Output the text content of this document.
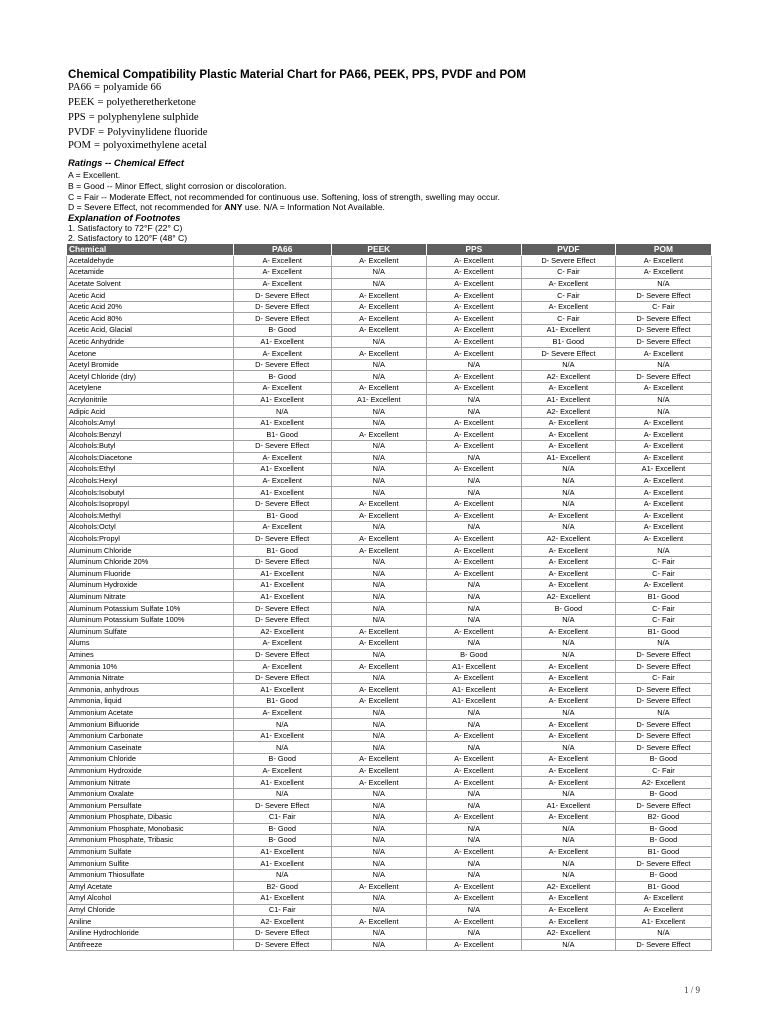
Chemical Compatibility Plastic Material Chart for PA66, PEEK, PPS, PVDF and POM
PA66 = polyamide 66
PEEK = polyetheretherketone
PPS = polyphenylene sulphide
PVDF = Polyvinylidene fluoride
POM = polyoximethylene acetal
Ratings -- Chemical Effect
A = Excellent.
B = Good -- Minor Effect, slight corrosion or discoloration.
C = Fair -- Moderate Effect, not recommended for continuous use. Softening, loss of strength, swelling may occur.
D = Severe Effect, not recommended for ANY use. N/A = Information Not Available.
Explanation of Footnotes
1. Satisfactory to 72°F (22° C)
2. Satisfactory to 120°F (48° C)
Chemical	PA66	PEEK	PPS	PVDF	POM
Acetaldehyde	A- Excellent	A- Excellent	A- Excellent	D- Severe Effect	A- Excellent
Acetamide	A- Excellent	N/A	A- Excellent	C- Fair	A- Excellent
Acetate Solvent	A- Excellent	N/A	A- Excellent	A- Excellent	N/A
Acetic Acid	D- Severe Effect	A- Excellent	A- Excellent	C- Fair	D- Severe Effect
Acetic Acid 20%	D- Severe Effect	A- Excellent	A- Excellent	A- Excellent	C- Fair
Acetic Acid 80%	D- Severe Effect	A- Excellent	A- Excellent	C- Fair	D- Severe Effect
Acetic Acid, Glacial	B- Good	A- Excellent	A- Excellent	A1- Excellent	D- Severe Effect
Acetic Anhydride	A1- Excellent	N/A	A- Excellent	B1- Good	D- Severe Effect
Acetone	A- Excellent	A- Excellent	A- Excellent	D- Severe Effect	A- Excellent
Acetyl Bromide	D- Severe Effect	N/A	N/A	N/A	N/A
Acetyl Chloride (dry)	B- Good	N/A	A- Excellent	A2- Excellent	D- Severe Effect
Acetylene	A- Excellent	A- Excellent	A- Excellent	A- Excellent	A- Excellent
Acrylonitrile	A1- Excellent	A1- Excellent	N/A	A1- Excellent	N/A
Adipic Acid	N/A	N/A	N/A	A2- Excellent	N/A
Alcohols:Amyl	A1- Excellent	N/A	A- Excellent	A- Excellent	A- Excellent
Alcohols:Benzyl	B1- Good	A- Excellent	A- Excellent	A- Excellent	A- Excellent
Alcohols:Butyl	D- Severe Effect	N/A	A- Excellent	A- Excellent	A- Excellent
Alcohols:Diacetone	A- Excellent	N/A	N/A	A1- Excellent	A- Excellent
Alcohols:Ethyl	A1- Excellent	N/A	A- Excellent	N/A	A1- Excellent
Alcohols:Hexyl	A- Excellent	N/A	N/A	N/A	A- Excellent
Alcohols:Isobutyl	A1- Excellent	N/A	N/A	N/A	A- Excellent
Alcohols:Isopropyl	D- Severe Effect	A- Excellent	A- Excellent	N/A	A- Excellent
Alcohols:Methyl	B1- Good	A- Excellent	A- Excellent	A- Excellent	A- Excellent
Alcohols:Octyl	A- Excellent	N/A	N/A	N/A	A- Excellent
Alcohols:Propyl	D- Severe Effect	A- Excellent	A- Excellent	A2- Excellent	A- Excellent
Aluminum Chloride	B1- Good	A- Excellent	A- Excellent	A- Excellent	N/A
Aluminum Chloride 20%	D- Severe Effect	N/A	A- Excellent	A- Excellent	C- Fair
Aluminum Fluoride	A1- Excellent	N/A	A- Excellent	A- Excellent	C- Fair
Aluminum Hydroxide	A1- Excellent	N/A	N/A	A- Excellent	A- Excellent
Aluminum Nitrate	A1- Excellent	N/A	N/A	A2- Excellent	B1- Good
Aluminum Potassium Sulfate 10%	D- Severe Effect	N/A	N/A	B- Good	C- Fair
Aluminum Potassium Sulfate 100%	D- Severe Effect	N/A	N/A	N/A	C- Fair
Aluminum Sulfate	A2- Excellent	A- Excellent	A- Excellent	A- Excellent	B1- Good
Alums	A- Excellent	A- Excellent	N/A	N/A	N/A
Amines	D- Severe Effect	N/A	B- Good	N/A	D- Severe Effect
Ammonia 10%	A- Excellent	A- Excellent	A1- Excellent	A- Excellent	D- Severe Effect
Ammonia Nitrate	D- Severe Effect	N/A	A- Excellent	A- Excellent	C- Fair
Ammonia, anhydrous	A1- Excellent	A- Excellent	A1- Excellent	A- Excellent	D- Severe Effect
Ammonia, liquid	B1- Good	A- Excellent	A1- Excellent	A- Excellent	D- Severe Effect
Ammonium Acetate	A- Excellent	N/A	N/A	N/A	N/A
Ammonium Bifluoride	N/A	N/A	N/A	A- Excellent	D- Severe Effect
Ammonium Carbonate	A1- Excellent	N/A	A- Excellent	A- Excellent	D- Severe Effect
Ammonium Caseinate	N/A	N/A	N/A	N/A	D- Severe Effect
Ammonium Chloride	B- Good	A- Excellent	A- Excellent	A- Excellent	B- Good
Ammonium Hydroxide	A- Excellent	A- Excellent	A- Excellent	A- Excellent	C- Fair
Ammonium Nitrate	A1- Excellent	A- Excellent	A- Excellent	A- Excellent	A2- Excellent
Ammonium Oxalate	N/A	N/A	N/A	N/A	B- Good
Ammonium Persulfate	D- Severe Effect	N/A	N/A	A1- Excellent	D- Severe Effect
Ammonium Phosphate, Dibasic	C1- Fair	N/A	A- Excellent	A- Excellent	B2- Good
Ammonium Phosphate, Monobasic	B- Good	N/A	N/A	N/A	B- Good
Ammonium Phosphate, Tribasic	B- Good	N/A	N/A	N/A	B- Good
Ammonium Sulfate	A1- Excellent	N/A	A- Excellent	A- Excellent	B1- Good
Ammonium Sulfite	A1- Excellent	N/A	N/A	N/A	D- Severe Effect
Ammonium Thiosulfate	N/A	N/A	N/A	N/A	B- Good
Amyl Acetate	B2- Good	A- Excellent	A- Excellent	A2- Excellent	B1- Good
Amyl Alcohol	A1- Excellent	N/A	A- Excellent	A- Excellent	A- Excellent
Amyl Chloride	C1- Fair	N/A	N/A	A- Excellent	A- Excellent
Aniline	A2- Excellent	A- Excellent	A- Excellent	A- Excellent	A1- Excellent
Aniline Hydrochloride	D- Severe Effect	N/A	N/A	A2- Excellent	N/A
Antifreeze	D- Severe Effect	N/A	A- Excellent	N/A	D- Severe Effect
1 / 9
